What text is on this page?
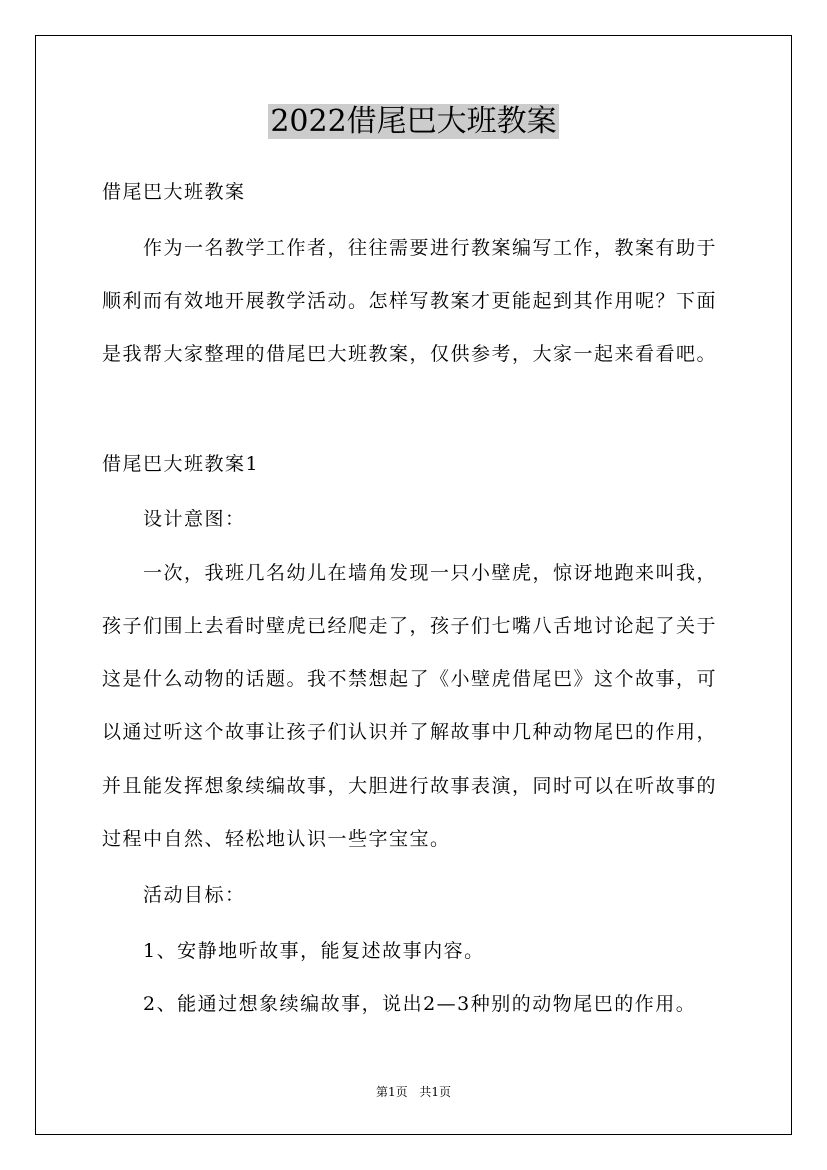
2022借尾巴大班教案
借尾巴大班教案
　　作为一名教学工作者，往往需要进行教案编写工作，教案有助于
顺利而有效地开展教学活动。怎样写教案才更能起到其作用呢？下面
是我帮大家整理的借尾巴大班教案，仅供参考，大家一起来看看吧。
借尾巴大班教案1
　　设计意图：
　　一次，我班几名幼儿在墙角发现一只小壁虎，惊讶地跑来叫我，
孩子们围上去看时壁虎已经爬走了，孩子们七嘴八舌地讨论起了关于
这是什么动物的话题。我不禁想起了《小壁虎借尾巴》这个故事，可
以通过听这个故事让孩子们认识并了解故事中几种动物尾巴的作用，
并且能发挥想象续编故事，大胆进行故事表演，同时可以在听故事的
过程中自然、轻松地认识一些字宝宝。
　　活动目标：
　　1、安静地听故事，能复述故事内容。
　　2、能通过想象续编故事，说出2—3种别的动物尾巴的作用。
第1页 共1页
